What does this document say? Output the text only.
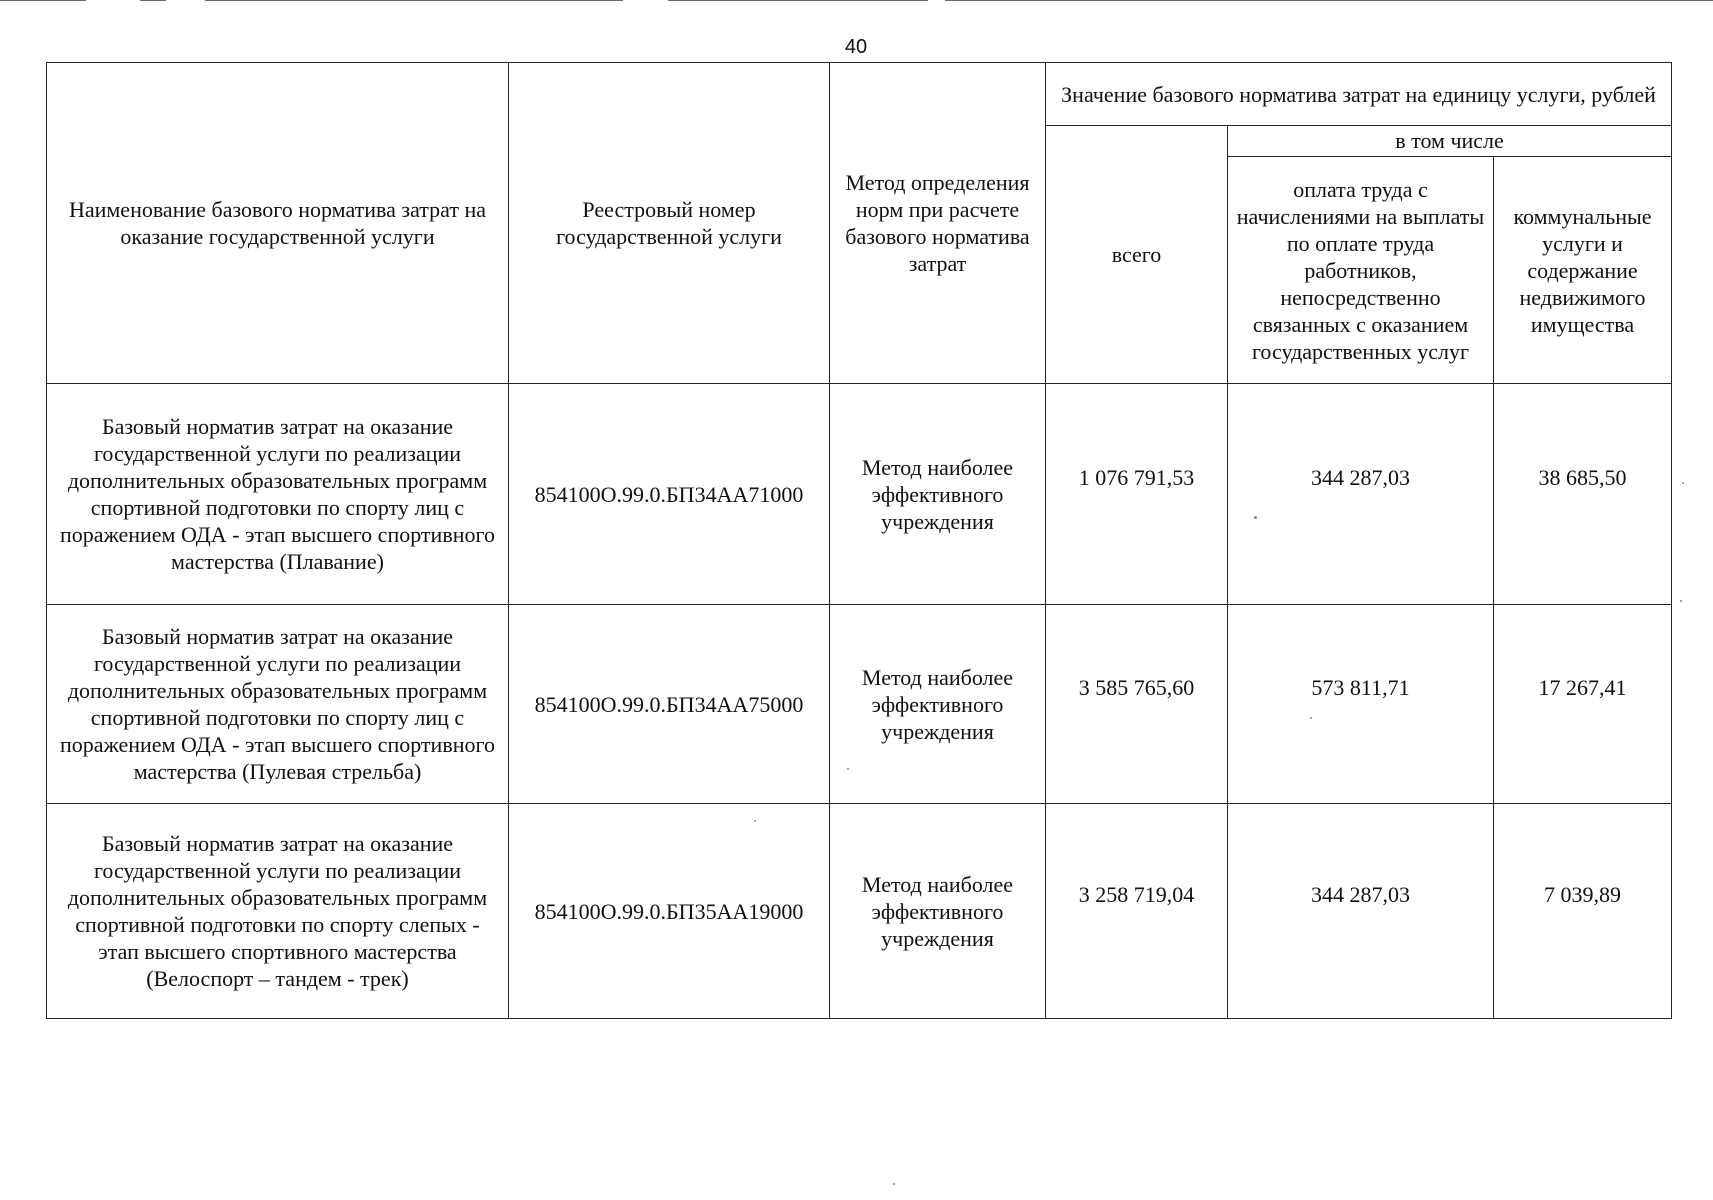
40
Наименование базового норматива затрат на оказание государственной услуги	Реестровый номер государственной услуги	Метод определения норм при расчете базового норматива затрат	Значение базового норматива затрат на единицу услуги, рублей		
			всего	в том числе	
				оплата труда с начислениями на выплаты по оплате труда работников, непосредственно связанных с оказанием государственных услуг	коммунальные услуги и содержание недвижимого имущества
Базовый норматив затрат на оказание государственной услуги по реализации дополнительных образовательных программ спортивной подготовки по спорту лиц с поражением ОДА - этап высшего спортивного мастерства (Плавание)	854100О.99.0.БП34АА71000	Метод наиболее эффективного учреждения	1 076 791,53	344 287,03	38 685,50

Базовый норматив затрат на оказание государственной услуги по реализации дополнительных образовательных программ спортивной подготовки по спорту лиц с поражением ОДА - этап высшего спортивного мастерства (Пулевая стрельба)	854100О.99.0.БП34АА75000	Метод наиболее эффективного учреждения	3 585 765,60	573 811,71	17 267,41

Базовый норматив затрат на оказание государственной услуги по реализации дополнительных образовательных программ спортивной подготовки по спорту слепых - этап высшего спортивного мастерства (Велоспорт – тандем - трек)	854100О.99.0.БП35АА19000	Метод наиболее эффективного учреждения	3 258 719,04	344 287,03	7 039,89
